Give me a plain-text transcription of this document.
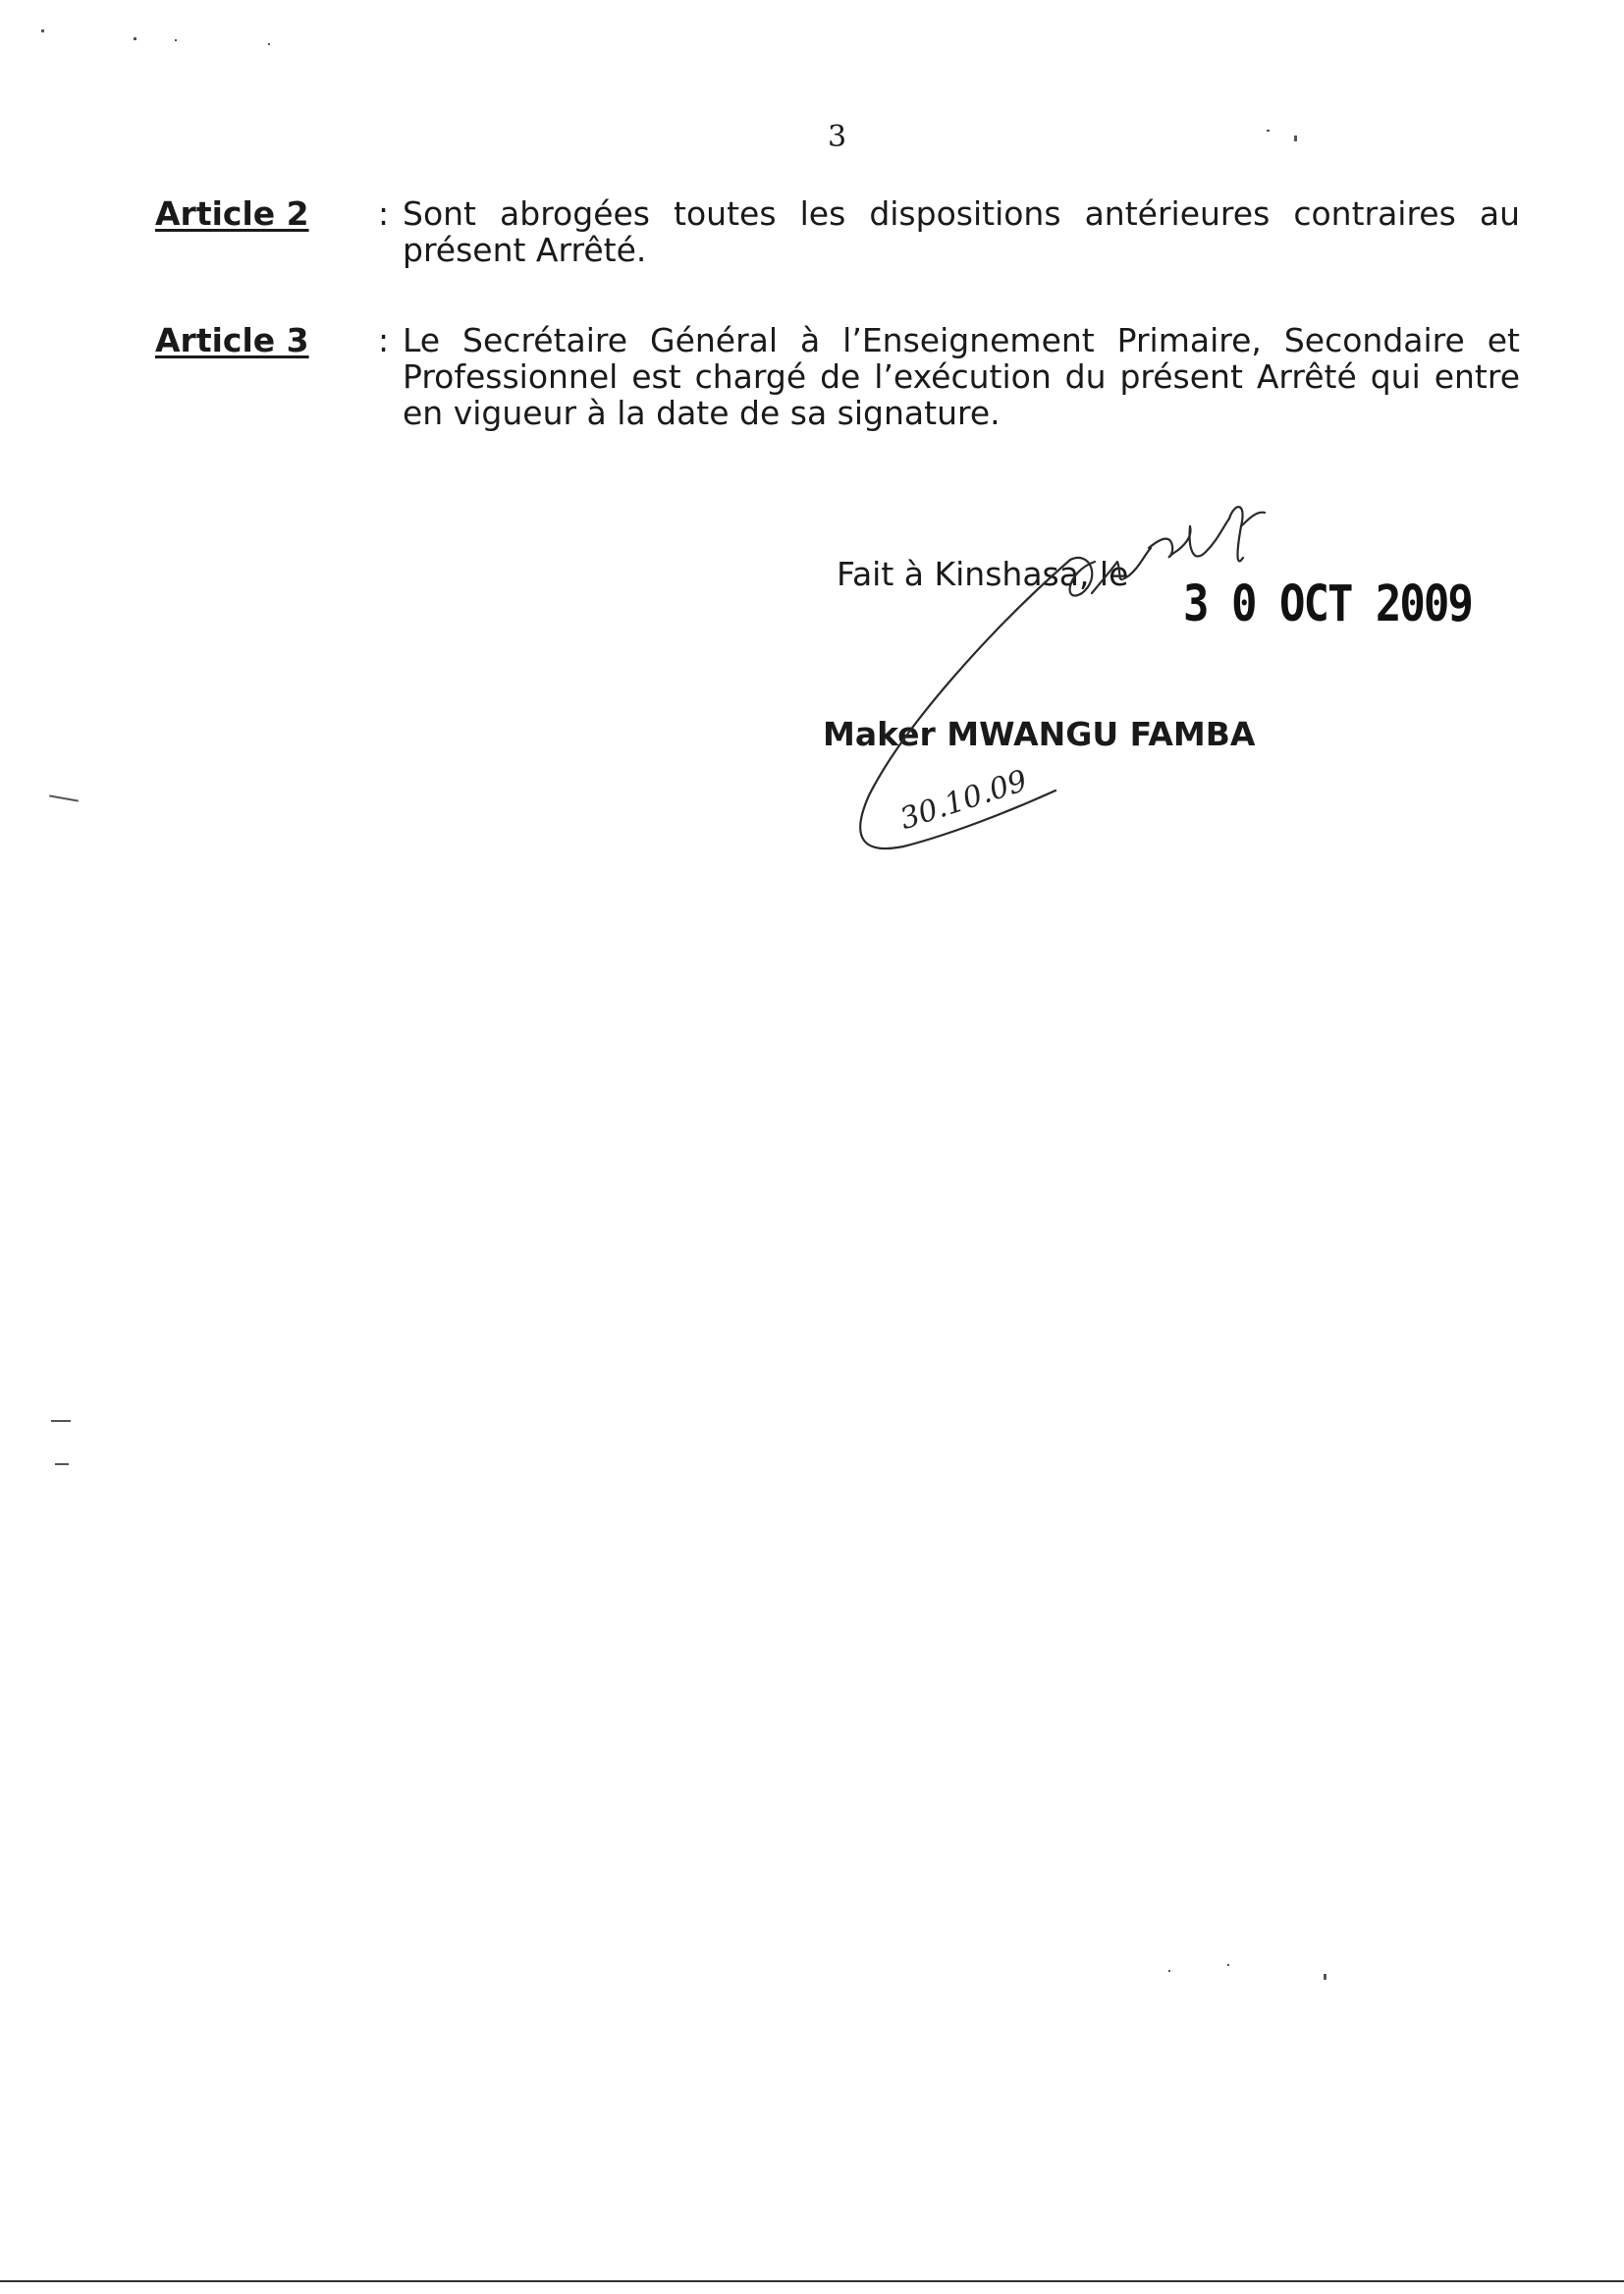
3
Article 2 : Sont abrogées toutes les dispositions antérieures contraires au présent Arrêté.
Article 3 : Le Secrétaire Général à l’Enseignement Primaire, Secondaire et Professionnel est chargé de l’exécution du présent Arrêté qui entre en vigueur à la date de sa signature.
Fait à Kinshasa, le
3 0 OCT 2009
Maker MWANGU FAMBA
30.10.09
